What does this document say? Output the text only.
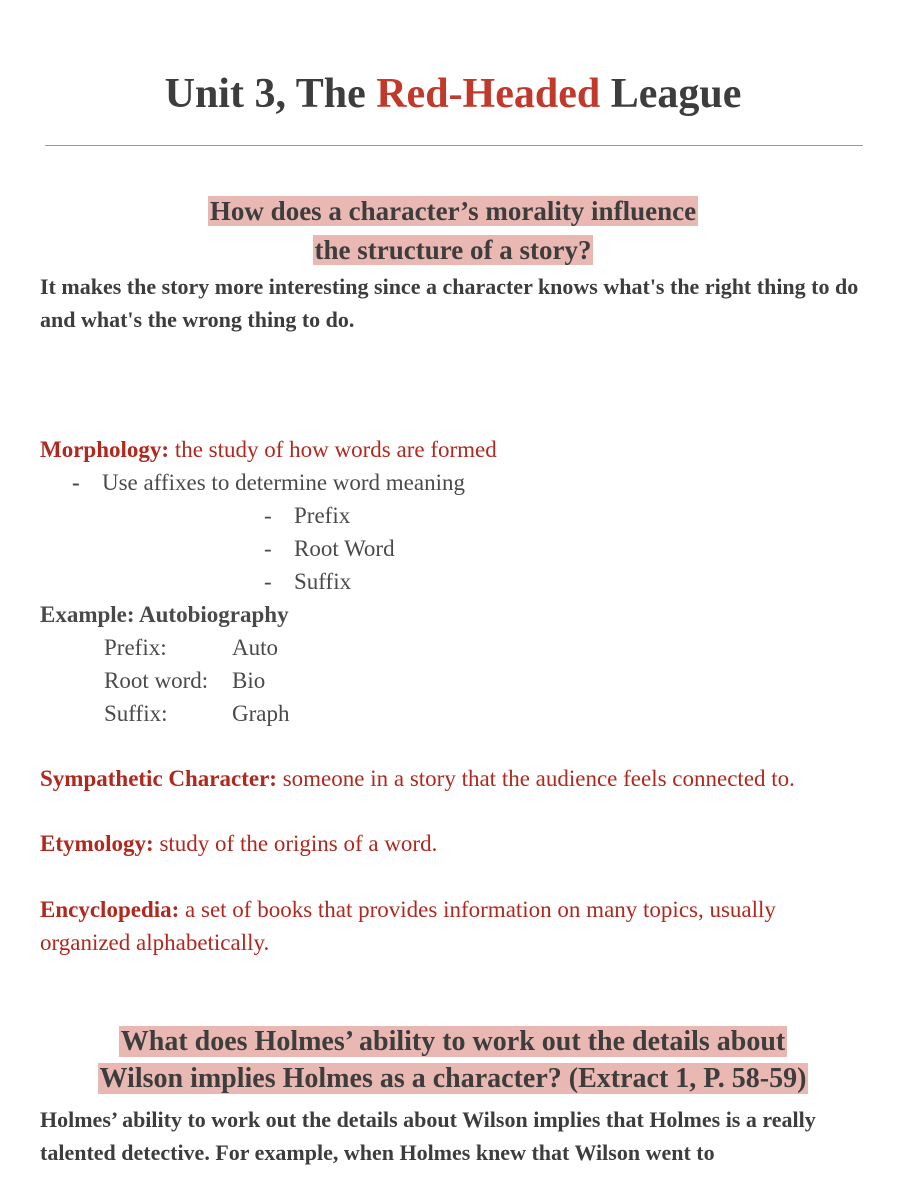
Unit 3, The Red-Headed League
How does a character’s morality influence
the structure of a story?

It makes the story more interesting since a character knows what's the right thing to do and what's the wrong thing to do.

Morphology: the study of how words are formed

- Use affixes to determine word meaning

- Prefix

- Root Word

- Suffix

Example: Autobiography

Prefix:	Auto

Root word: Bio

Suffix:	Graph

Sympathetic Character: someone in a story that the audience feels connected to.

Etymology: study of the origins of a word.

Encyclopedia: a set of books that provides information on many topics, usually organized alphabetically.

What does Holmes’ ability to work out the details about
Wilson implies Holmes as a character? (Extract 1, P. 58-59)

Holmes’ ability to work out the details about Wilson implies that Holmes is a really talented detective. For example, when Holmes knew that Wilson went to
